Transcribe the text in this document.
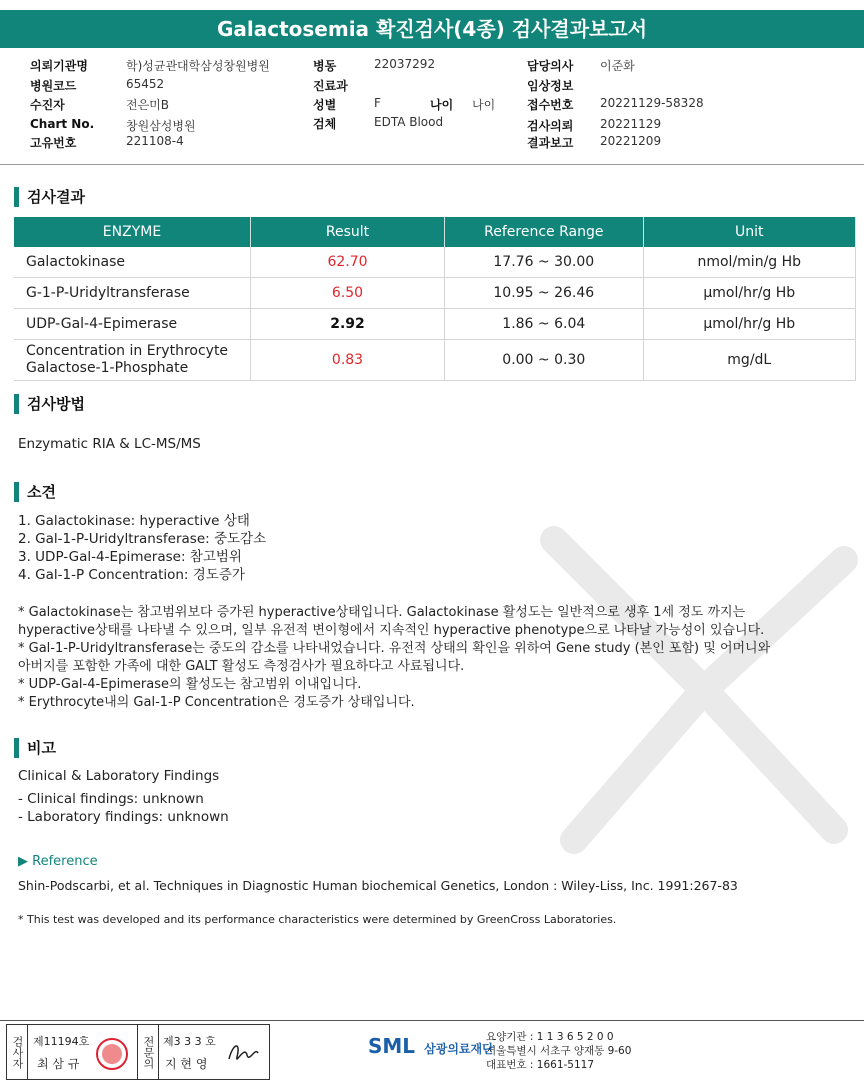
Galactosemia 확진검사(4종) 검사결과보고서
의뢰기관명	학)성균관대학삼성창원병원
병원코드	65452
수진자	전은미B
Chart No.	창원삼성병원
고유번호	221108-4
병동	22037292
진료과
성별	F	나이 나이
검체	EDTA Blood
담당의사 이준화
임상정보
접수번호 20221129-58328
검사의뢰 20221129
결과보고 20221209
검사결과
ENZYME	Result	Reference Range	Unit
Galactokinase	62.70	17.76 ~ 30.00	nmol/min/g Hb
G-1-P-Uridyltransferase	6.50	10.95 ~ 26.46	μmol/hr/g Hb
UDP-Gal-4-Epimerase	2.92	1.86 ~ 6.04	μmol/hr/g Hb

Concentration in Erythrocyte
Galactose-1-Phosphate	0.83	0.00 ~ 0.30	mg/dL
검사방법
Enzymatic RIA & LC-MS/MS
소견
1. Galactokinase: hyperactive 상태
2. Gal-1-P-Uridyltransferase: 중도감소
3. UDP-Gal-4-Epimerase: 참고범위
4. Gal-1-P Concentration: 경도증가
* Galactokinase는 참고범위보다 증가된 hyperactive상태입니다. Galactokinase 활성도는 일반적으로 생후 1세 정도 까지는
hyperactive상태를 나타낼 수 있으며, 일부 유전적 변이형에서 지속적인 hyperactive phenotype으로 나타날 가능성이 있습니다.
* Gal-1-P-Uridyltransferase는 중도의 감소를 나타내었습니다. 유전적 상태의 확인을 위하여 Gene study (본인 포함) 및 어머니와
아버지를 포함한 가족에 대한 GALT 활성도 측정검사가 필요하다고 사료됩니다.
* UDP-Gal-4-Epimerase의 활성도는 참고범위 이내입니다.
* Erythrocyte내의 Gal-1-P Concentration은 경도증가 상태입니다.
비고
Clinical & Laboratory Findings
- Clinical findings: unknown
- Laboratory findings: unknown
▶ Reference
Shin-Podscarbi, et al. Techniques in Diagnostic Human biochemical Genetics, London : Wiley-Liss, Inc. 1991:267-83
* This test was developed and its performance characteristics were determined by GreenCross Laboratories.
검사자 제11194호
최 삼 규	전문의 제3 3 3 호
지 현 영
SML 삼광의료재단
요양기관 : 1 1 3 6 5 2 0 0
서울특별시 서초구 양재동 9-60
대표번호 : 1661-5117
